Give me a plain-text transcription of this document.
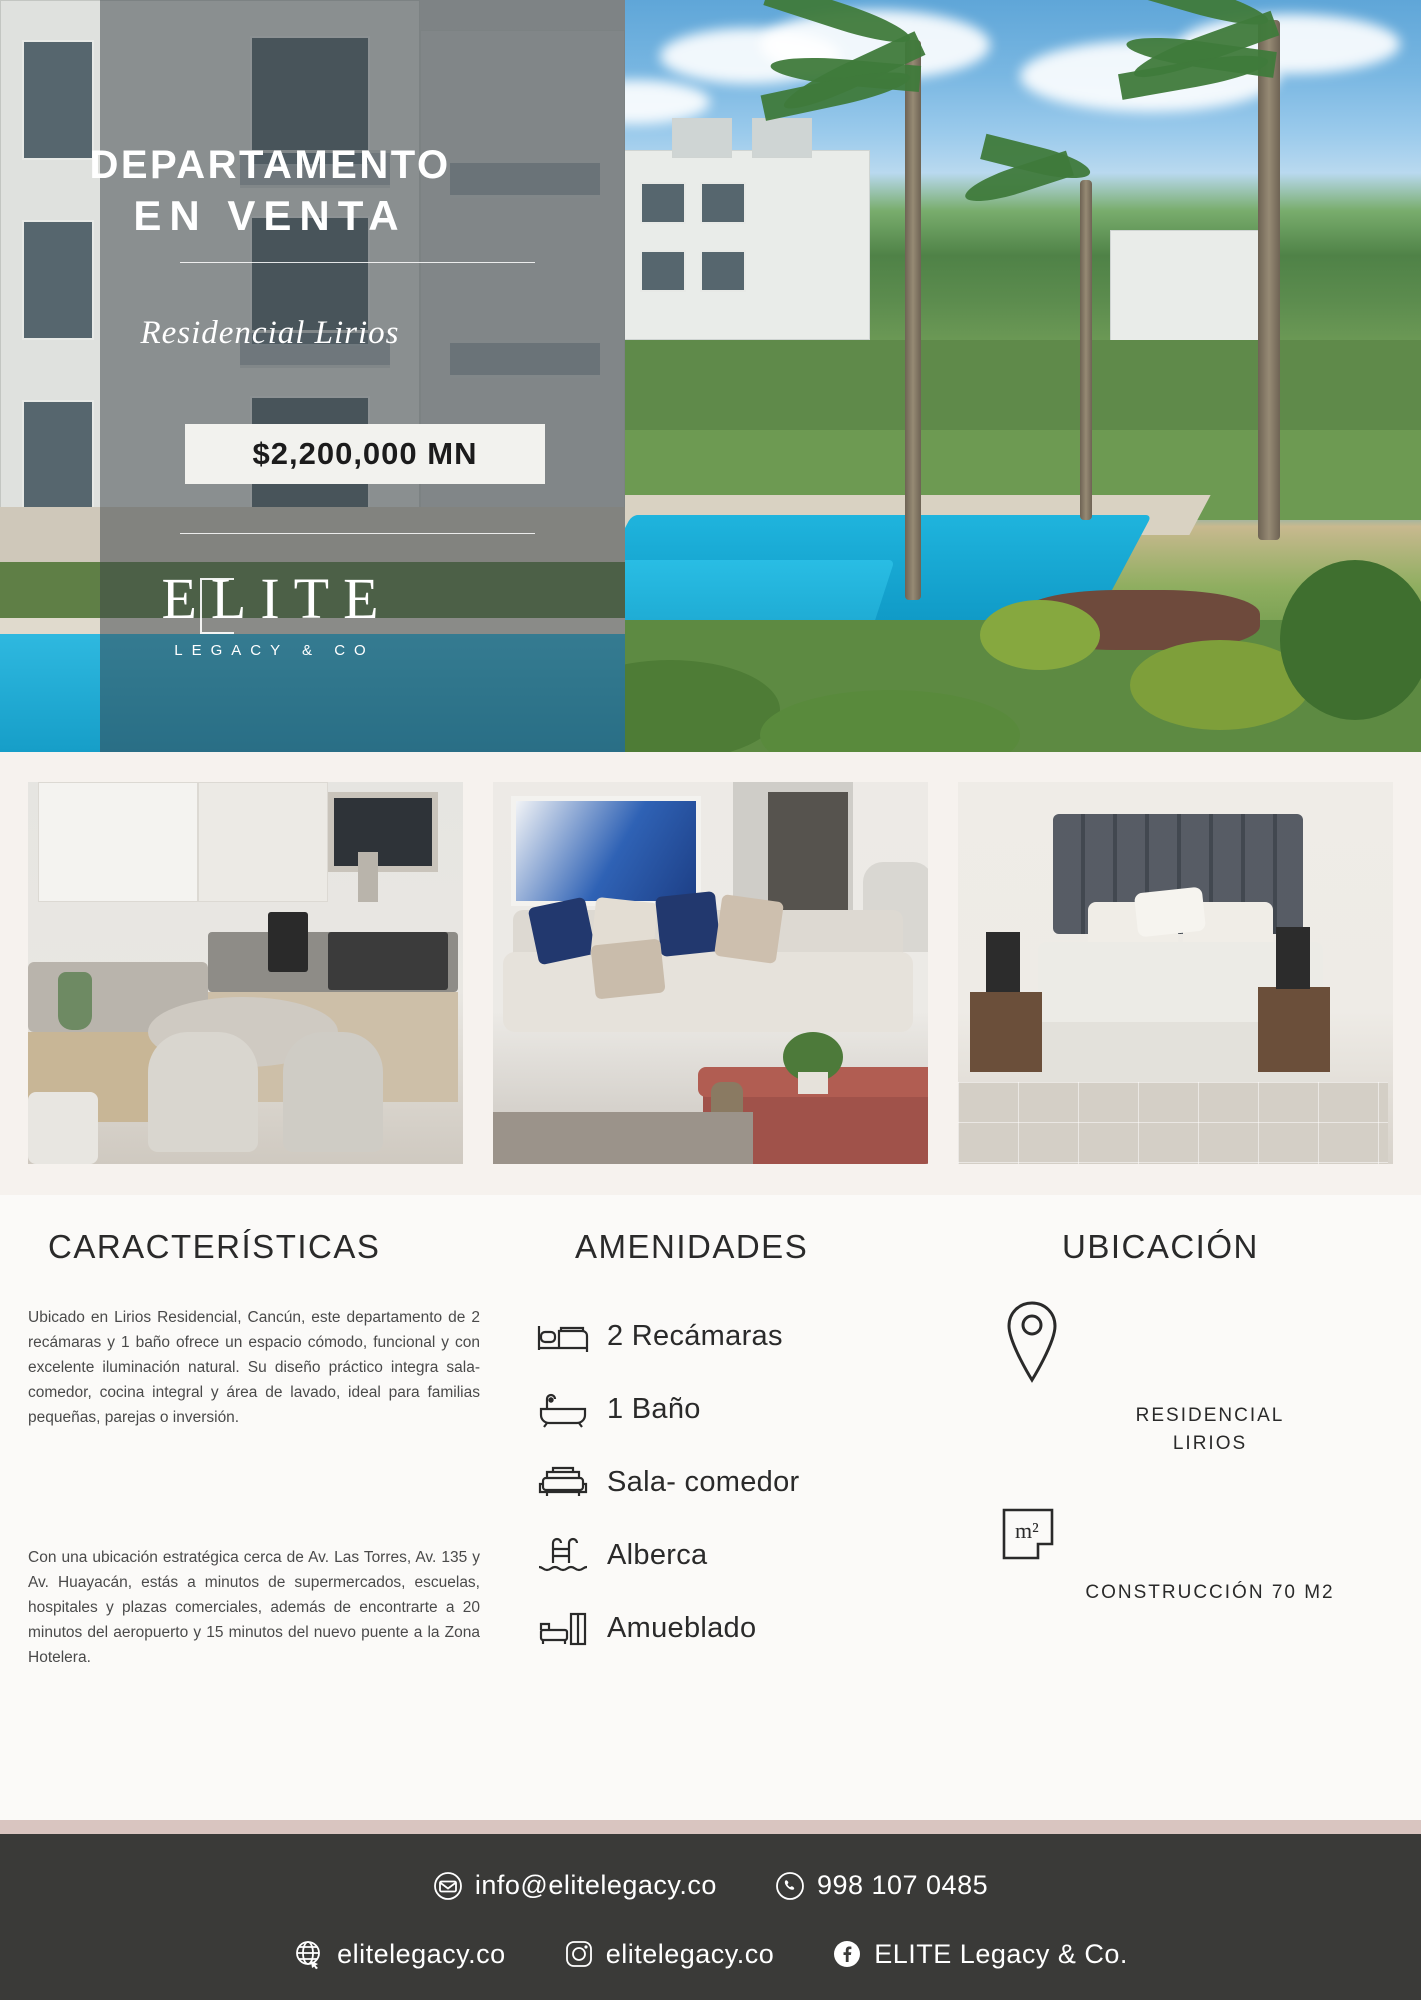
DEPARTAMENTO
EN VENTA
Residencial Lirios
$2,200,000 MN
ELITE
LEGACY & CO
CARACTERÍSTICAS
Ubicado en Lirios Residencial, Cancún, este departamento de 2 recámaras y 1 baño ofrece un espacio cómodo, funcional y con excelente iluminación natural. Su diseño práctico integra sala-comedor, cocina integral y área de lavado, ideal para familias pequeñas, parejas o inversión.
Con una ubicación estratégica cerca de Av. Las Torres, Av. 135 y Av. Huayacán, estás a minutos de supermercados, escuelas, hospitales y plazas comerciales, además de encontrarte a 20 minutos del aeropuerto y 15 minutos del nuevo puente a la Zona Hotelera.
AMENIDADES
2 Recámaras
1 Baño
Sala- comedor
Alberca
Amueblado
UBICACIÓN
RESIDENCIAL
LIRIOS
m²
CONSTRUCCIÓN 70 M2
info@elitelegacy.co	998 107 0485
elitelegacy.co	elitelegacy.co	ELITE Legacy & Co.
